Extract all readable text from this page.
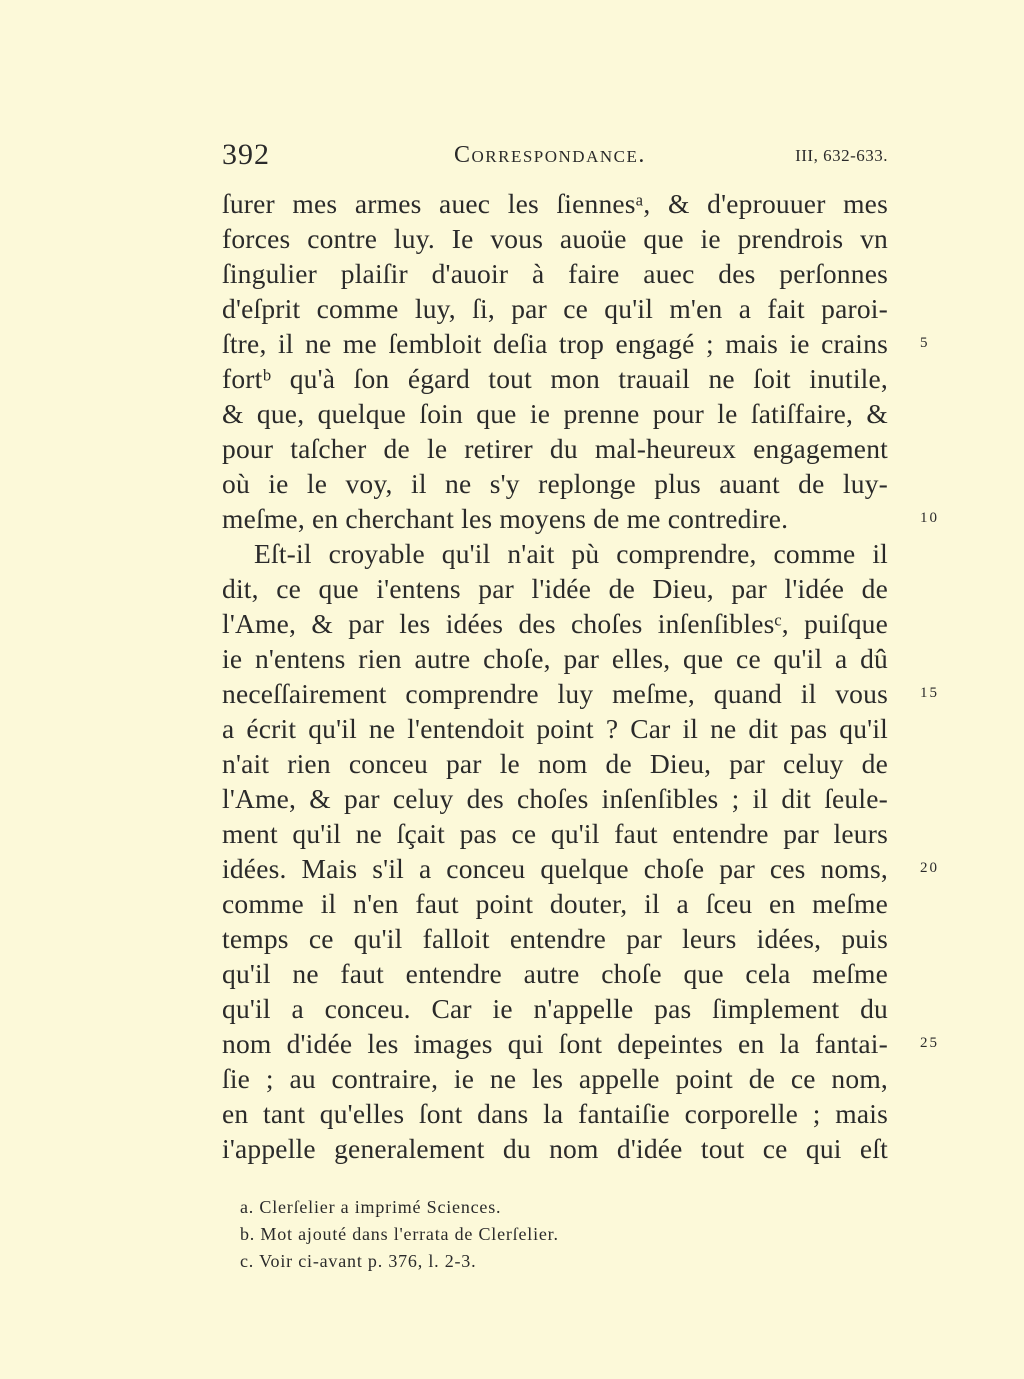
392	Correspondance.	III, 632-633.
ſurer mes armes auec les ſiennesᵃ, & d'eprouuer mes
forces contre luy. Ie vous auoüe que ie prendrois vn
ſingulier plaiſir d'auoir à faire auec des perſonnes
d'eſprit comme luy, ſi, par ce qu'il m'en a fait paroi-
ſtre, il ne me ſembloit deſia trop engagé ; mais ie crains 5
fortᵇ qu'à ſon égard tout mon trauail ne ſoit inutile,
& que, quelque ſoin que ie prenne pour le ſatiſfaire, &
pour taſcher de le retirer du mal-heureux engagement
où ie le voy, il ne s'y replonge plus auant de luy-
meſme, en cherchant les moyens de me contredire.	10
Eſt-il croyable qu'il n'ait pù comprendre, comme il
dit, ce que i'entens par l'idée de Dieu, par l'idée de
l'Ame, & par les idées des choſes inſenſiblesᶜ, puiſque
ie n'entens rien autre choſe, par elles, que ce qu'il a dû
neceſſairement comprendre luy meſme, quand il vous 15
a écrit qu'il ne l'entendoit point ? Car il ne dit pas qu'il
n'ait rien conceu par le nom de Dieu, par celuy de
l'Ame, & par celuy des choſes inſenſibles ; il dit ſeule-
ment qu'il ne ſçait pas ce qu'il faut entendre par leurs
idées. Mais s'il a conceu quelque choſe par ces noms, 20
comme il n'en faut point douter, il a ſceu en meſme
temps ce qu'il falloit entendre par leurs idées, puis
qu'il ne faut entendre autre choſe que cela meſme
qu'il a conceu. Car ie n'appelle pas ſimplement du
nom d'idée les images qui ſont depeintes en la fantai- 25
ſie ; au contraire, ie ne les appelle point de ce nom,
en tant qu'elles ſont dans la fantaiſie corporelle ; mais
i'appelle generalement du nom d'idée tout ce qui eſt
a. Clerſelier a imprimé Sciences.
b. Mot ajouté dans l'errata de Clerſelier.
c. Voir ci-avant p. 376, l. 2-3.
